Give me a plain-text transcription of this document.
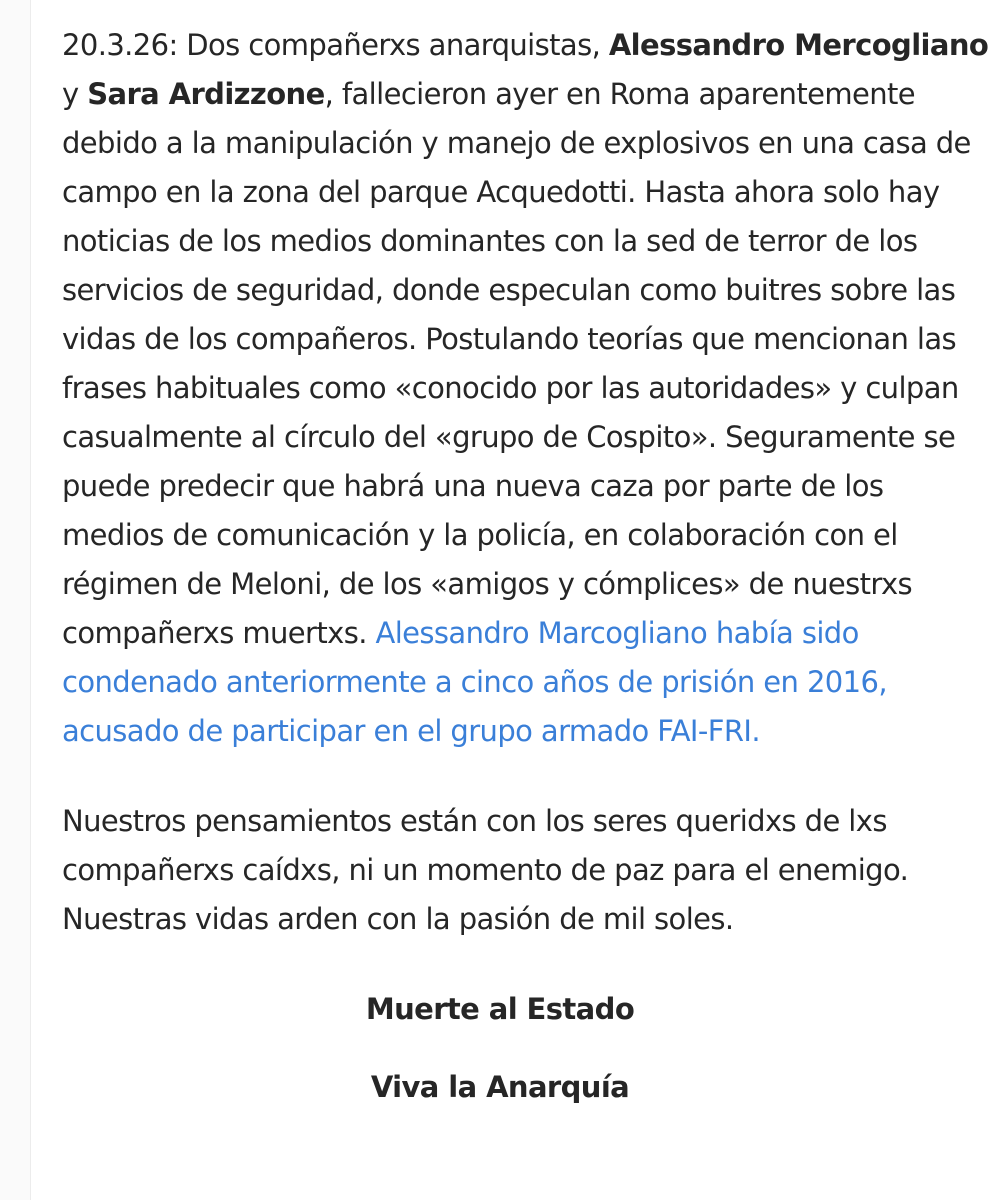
20.3.26: Dos compañerxs anarquistas, Alessandro Mercogliano y Sara Ardizzone, fallecieron ayer en Roma aparentemente debido a la manipulación y manejo de explosivos en una casa de campo en la zona del parque Acquedotti. Hasta ahora solo hay noticias de los medios dominantes con la sed de terror de los servicios de seguridad, donde especulan como buitres sobre las vidas de los compañeros. Postulando teorías que mencionan las frases habituales como «conocido por las autoridades» y culpan casualmente al círculo del «grupo de Cospito». Seguramente se puede predecir que habrá una nueva caza por parte de los medios de comunicación y la policía, en colaboración con el régimen de Meloni, de los «amigos y cómplices» de nuestrxs compañerxs muertxs. Alessandro Marcogliano había sido condenado anteriormente a cinco años de prisión en 2016, acusado de participar en el grupo armado FAI-FRI.

Nuestros pensamientos están con los seres queridxs de lxs compañerxs caídxs, ni un momento de paz para el enemigo. Nuestras vidas arden con la pasión de mil soles.

Muerte al Estado

Viva la Anarquía
